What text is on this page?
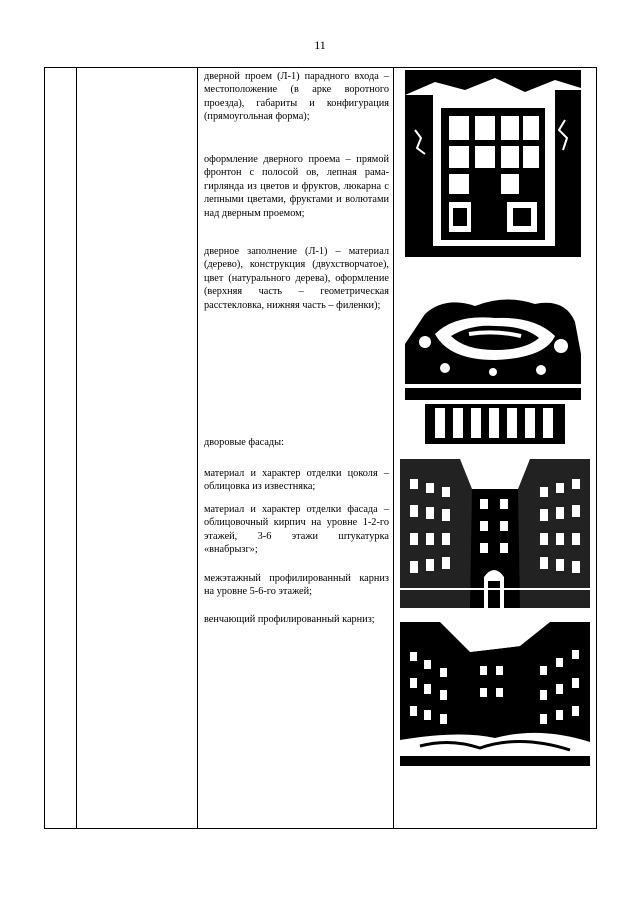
11
дверной проем (Л-1) парадного входа – местоположение (в арке воротного проезда), габариты и конфигурация (прямоугольная форма);
оформление дверного проема – прямой фронтон с полосой ов, лепная рама-гирлянда из цветов и фруктов, люкарна с лепными цветами, фруктами и волютами над дверным проемом;
дверное заполнение (Л-1) – материал (дерево), конструкция (двухстворчатое), цвет (натурального дерева), оформление (верхняя часть – геометрическая расстекловка, нижняя часть – филенки);
дворовые фасады:
материал и характер отделки цоколя – облицовка из известняка;
материал и характер отделки фасада – облицовочный кирпич на уровне 1-2-го этажей, 3-6 этажи штукатурка «внабрызг»;
межэтажный профилированный карниз на уровне 5-6-го этажей;
венчающий профилированный карниз;
